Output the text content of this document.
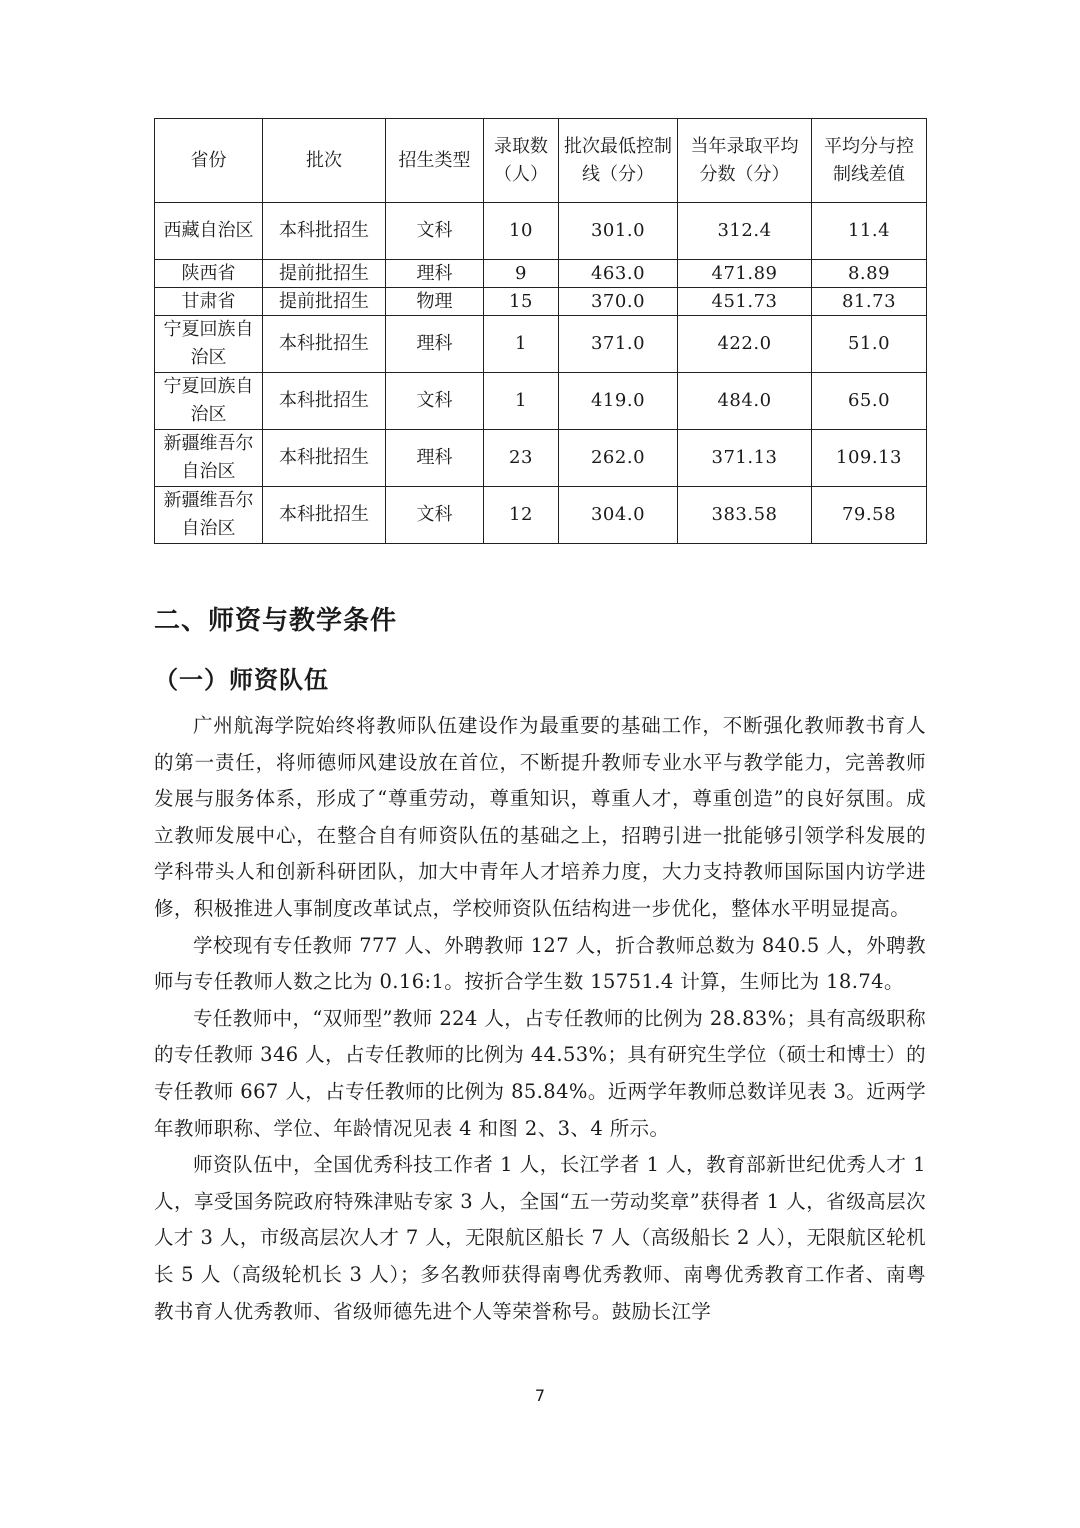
省份	批次	招生类型	录取数（人）	批次最低控制线（分）	当年录取平均分数（分）	平均分与控制线差值
西藏自治区	本科批招生	文科	10	301.0	312.4	11.4
陕西省	提前批招生	理科	9	463.0	471.89	8.89
甘肃省	提前批招生	物理	15	370.0	451.73	81.73
宁夏回族自治区	本科批招生	理科	1	371.0	422.0	51.0
宁夏回族自治区	本科批招生	文科	1	419.0	484.0	65.0
新疆维吾尔自治区	本科批招生	理科	23	262.0	371.13	109.13
新疆维吾尔自治区	本科批招生	文科	12	304.0	383.58	79.58
二、师资与教学条件
（一）师资队伍

广州航海学院始终将教师队伍建设作为最重要的基础工作，不断强化教师教书育人的第一责任，将师德师风建设放在首位，不断提升教师专业水平与教学能力，完善教师发展与服务体系，形成了“尊重劳动，尊重知识，尊重人才，尊重创造”的良好氛围。成立教师发展中心，在整合自有师资队伍的基础之上，招聘引进一批能够引领学科发展的学科带头人和创新科研团队，加大中青年人才培养力度，大力支持教师国际国内访学进修，积极推进人事制度改革试点，学校师资队伍结构进一步优化，整体水平明显提高。

学校现有专任教师 777 人、外聘教师 127 人，折合教师总数为 840.5 人，外聘教师与专任教师人数之比为 0.16:1。按折合学生数 15751.4 计算，生师比为 18.74。

专任教师中，“双师型”教师 224 人，占专任教师的比例为 28.83%；具有高级职称的专任教师 346 人，占专任教师的比例为 44.53%；具有研究生学位（硕士和博士）的专任教师 667 人，占专任教师的比例为 85.84%。近两学年教师总数详见表 3。近两学年教师职称、学位、年龄情况见表 4 和图 2、3、4 所示。

师资队伍中，全国优秀科技工作者 1 人，长江学者 1 人，教育部新世纪优秀人才 1 人，享受国务院政府特殊津贴专家 3 人，全国“五一劳动奖章”获得者 1 人，省级高层次人才 3 人，市级高层次人才 7 人，无限航区船长 7 人（高级船长 2 人），无限航区轮机长 5 人（高级轮机长 3 人）；多名教师获得南粤优秀教师、南粤优秀教育工作者、南粤教书育人优秀教师、省级师德先进个人等荣誉称号。鼓励长江学

7
